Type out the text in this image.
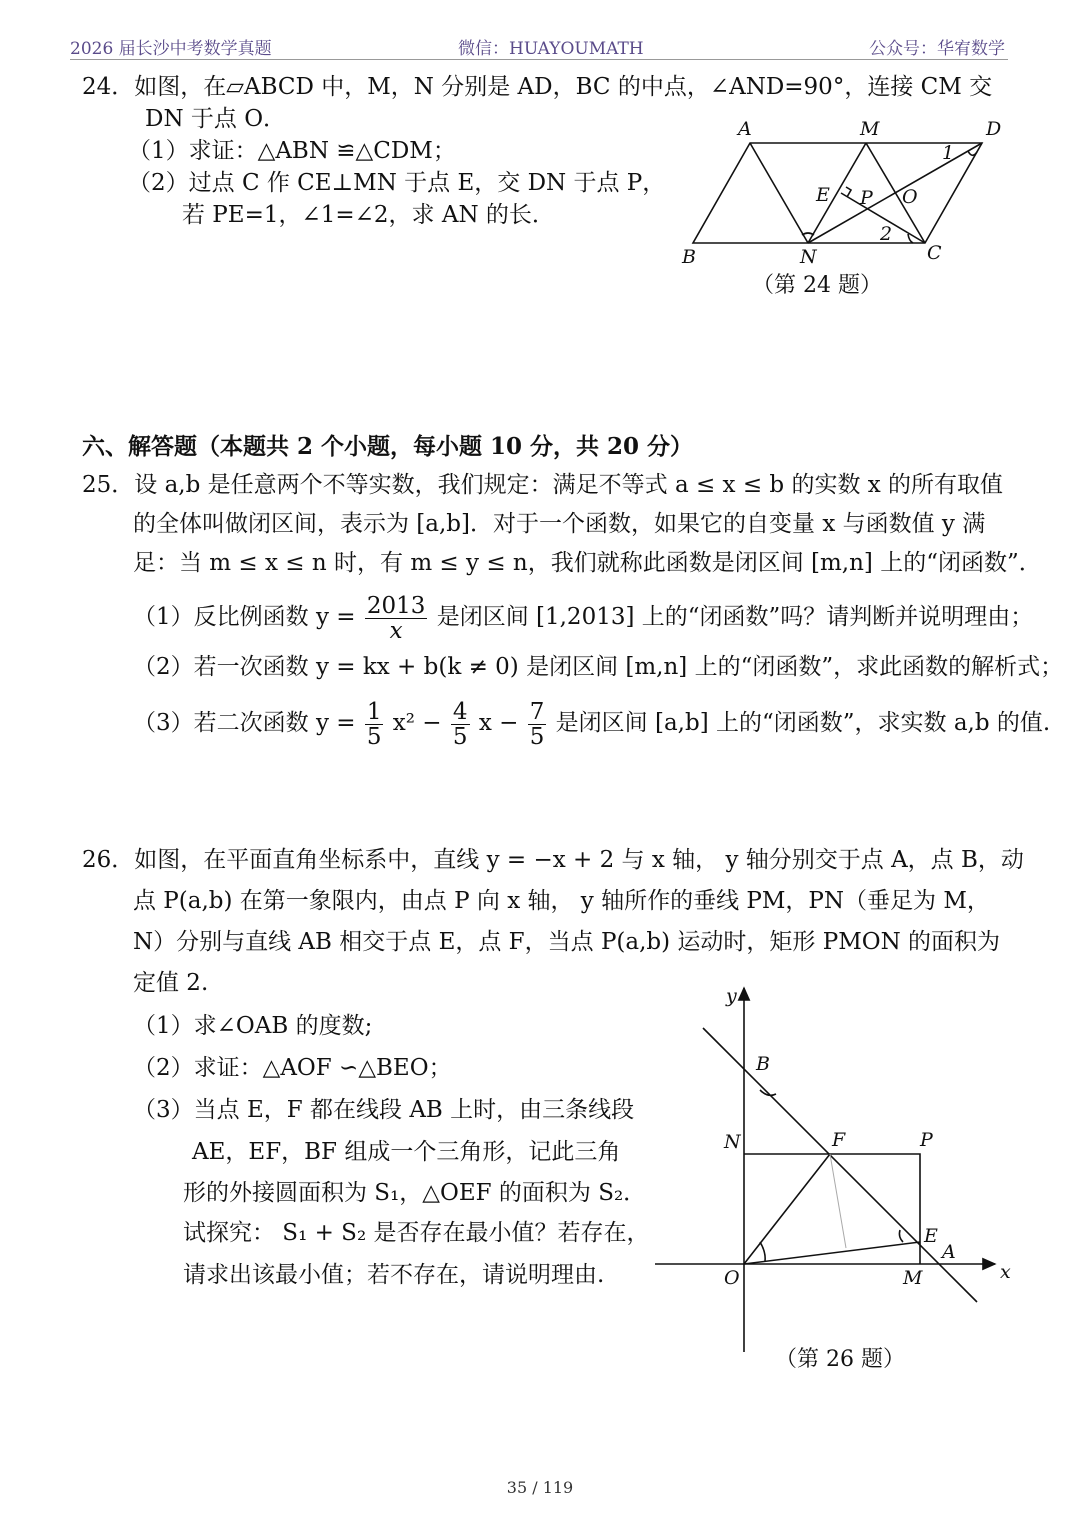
2026 届长沙中考数学真题	微信：HUAYOUMATH	公众号：华宥数学
24．如图，在▱ABCD 中，M，N 分别是 AD，BC 的中点，∠AND=90°，连接 CM 交
DN 于点 O．
（1）求证：△ABN ≌△CDM；
（2）过点 C 作 CE⊥MN 于点 E，交 DN 于点 P，
若 PE=1，∠1=∠2，求 AN 的长．
A	M	D
B	N	C
E P O
1
2
（第 24 题）
六、解答题（本题共 2 个小题，每小题 10 分，共 20 分）
25．设 a,b 是任意两个不等实数，我们规定：满足不等式 a ≤ x ≤ b 的实数 x 的所有取值
的全体叫做闭区间，表示为 [a,b]．对于一个函数，如果它的自变量 x 与函数值 y 满
足：当 m ≤ x ≤ n 时，有 m ≤ y ≤ n，我们就称此函数是闭区间 [m,n] 上的“闭函数”．
（1）反比例函数 $y = \frac{2013}{x}$ 是闭区间 [1,2013] 上的“闭函数”吗？请判断并说明理由；
（2）若一次函数 y = kx + b(k ≠ 0) 是闭区间 [m,n] 上的“闭函数”，求此函数的解析式；
（3）若二次函数 $y = \frac{1}{5} x^2 - \frac{4}{5}$ $x - \frac{7}{5}$ 是闭区间 [a,b] 上的“闭函数”，求实数 a,b 的值.
26．如图，在平面直角坐标系中，直线 y = −x + 2 与 x 轴， y 轴分别交于点 A，点 B，动
点 P(a,b) 在第一象限内，由点 P 向 x 轴， y 轴所作的垂线 PM，PN（垂足为 M，
N）分别与直线 AB 相交于点 E，点 F，当点 P(a,b) 运动时，矩形 PMON 的面积为
定值 2.
（1）求∠OAB 的度数;
（2）求证：△AOF ∽△BEO；
（3）当点 E，F 都在线段 AB 上时，由三条线段
AE，EF，BF 组成一个三角形，记此三角
形的外接圆面积为 S₁，△OEF 的面积为 S₂．
试探究： S₁ + S₂ 是否存在最小值？若存在，
请求出该最小值；若不存在，请说明理由.
y
x
B
N	F	P
E
A
O	M
（第 26 题）
35 / 119
